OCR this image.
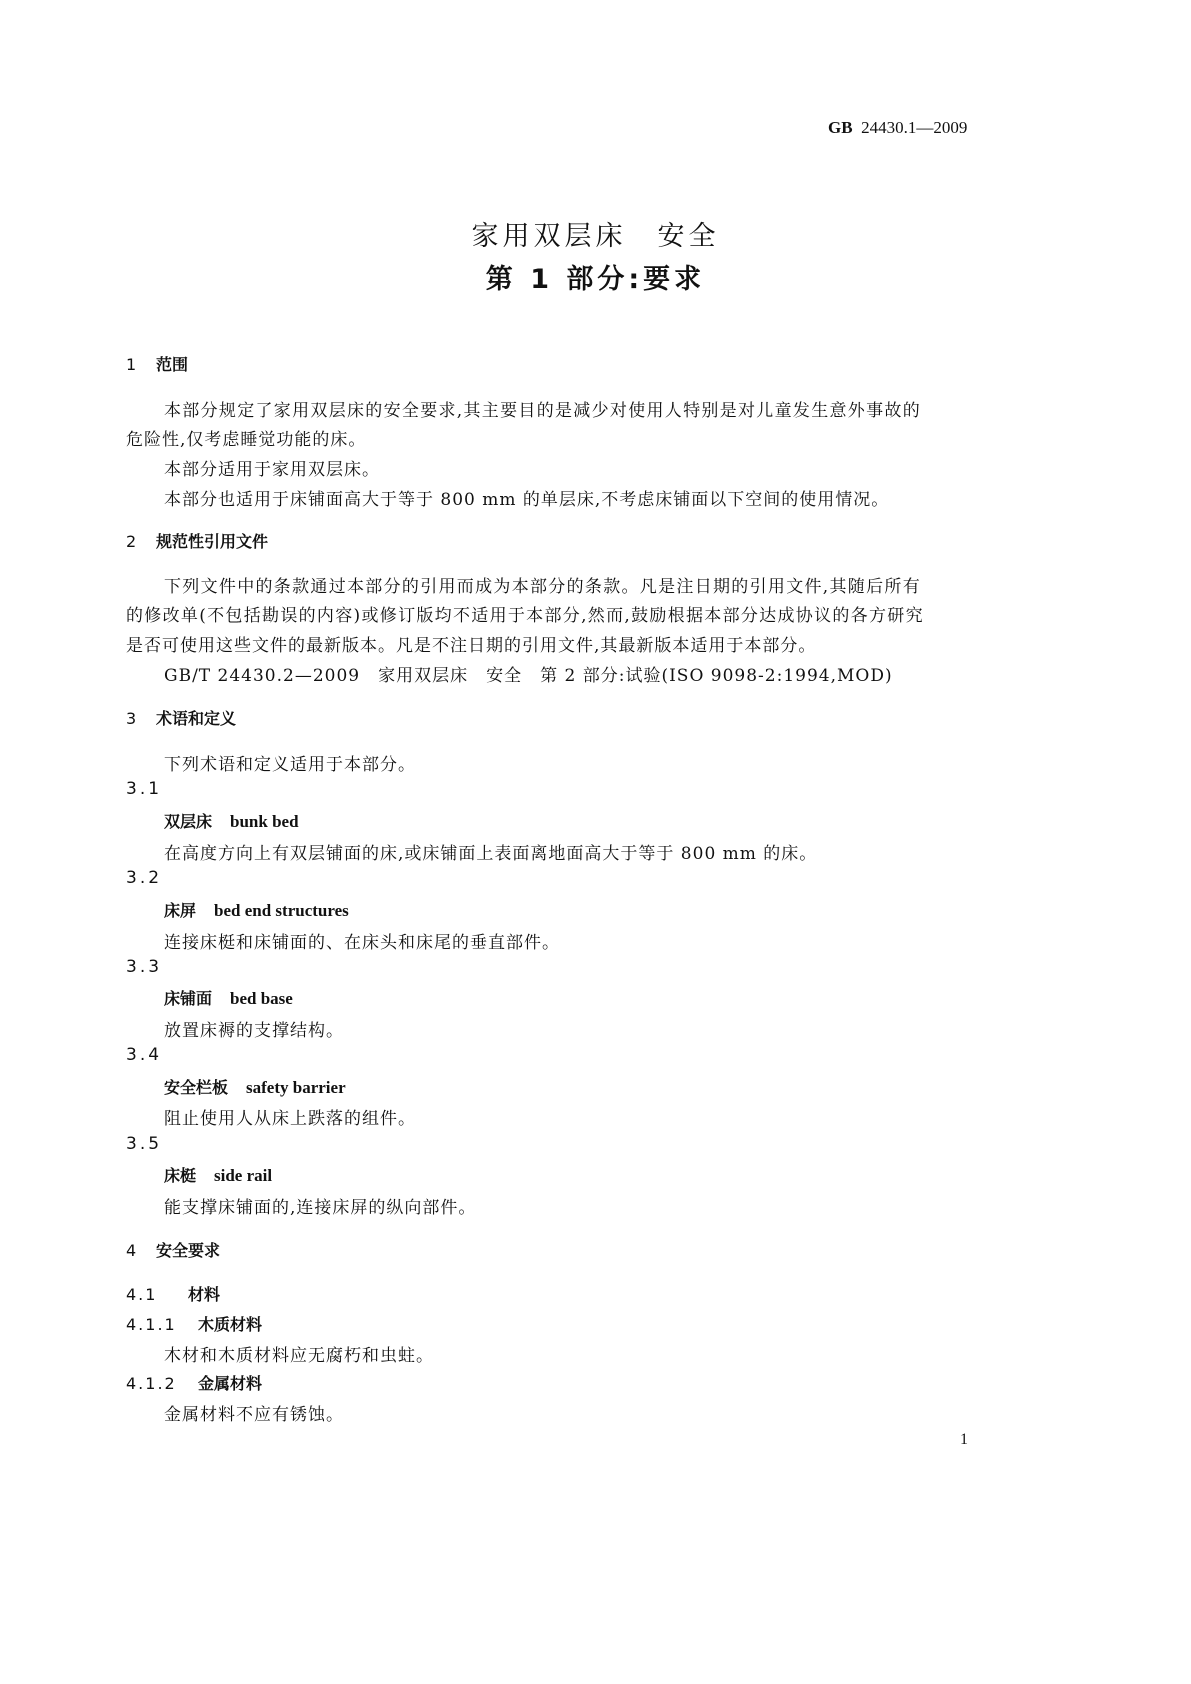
GB 24430.1—2009
家用双层床　安全
第 1 部分:要求
1 范围
本部分规定了家用双层床的安全要求,其主要目的是减少对使用人特别是对儿童发生意外事故的
危险性,仅考虑睡觉功能的床。
本部分适用于家用双层床。
本部分也适用于床铺面高大于等于 800 mm 的单层床,不考虑床铺面以下空间的使用情况。
2 规范性引用文件
下列文件中的条款通过本部分的引用而成为本部分的条款。凡是注日期的引用文件,其随后所有
的修改单(不包括勘误的内容)或修订版均不适用于本部分,然而,鼓励根据本部分达成协议的各方研究
是否可使用这些文件的最新版本。凡是不注日期的引用文件,其最新版本适用于本部分。
GB/T 24430.2—2009　家用双层床　安全　第 2 部分:试验(ISO 9098-2:1994,MOD)
3 术语和定义
下列术语和定义适用于本部分。
3.1
双层床 bunk bed
在高度方向上有双层铺面的床,或床铺面上表面离地面高大于等于 800 mm 的床。
3.2
床屏 bed end structures
连接床梃和床铺面的、在床头和床尾的垂直部件。
3.3
床铺面 bed base
放置床褥的支撑结构。
3.4
安全栏板 safety barrier
阻止使用人从床上跌落的组件。
3.5
床梃 side rail
能支撑床铺面的,连接床屏的纵向部件。
4 安全要求
4.1 材料
4.1.1 木质材料
木材和木质材料应无腐朽和虫蛀。
4.1.2 金属材料
金属材料不应有锈蚀。
1
